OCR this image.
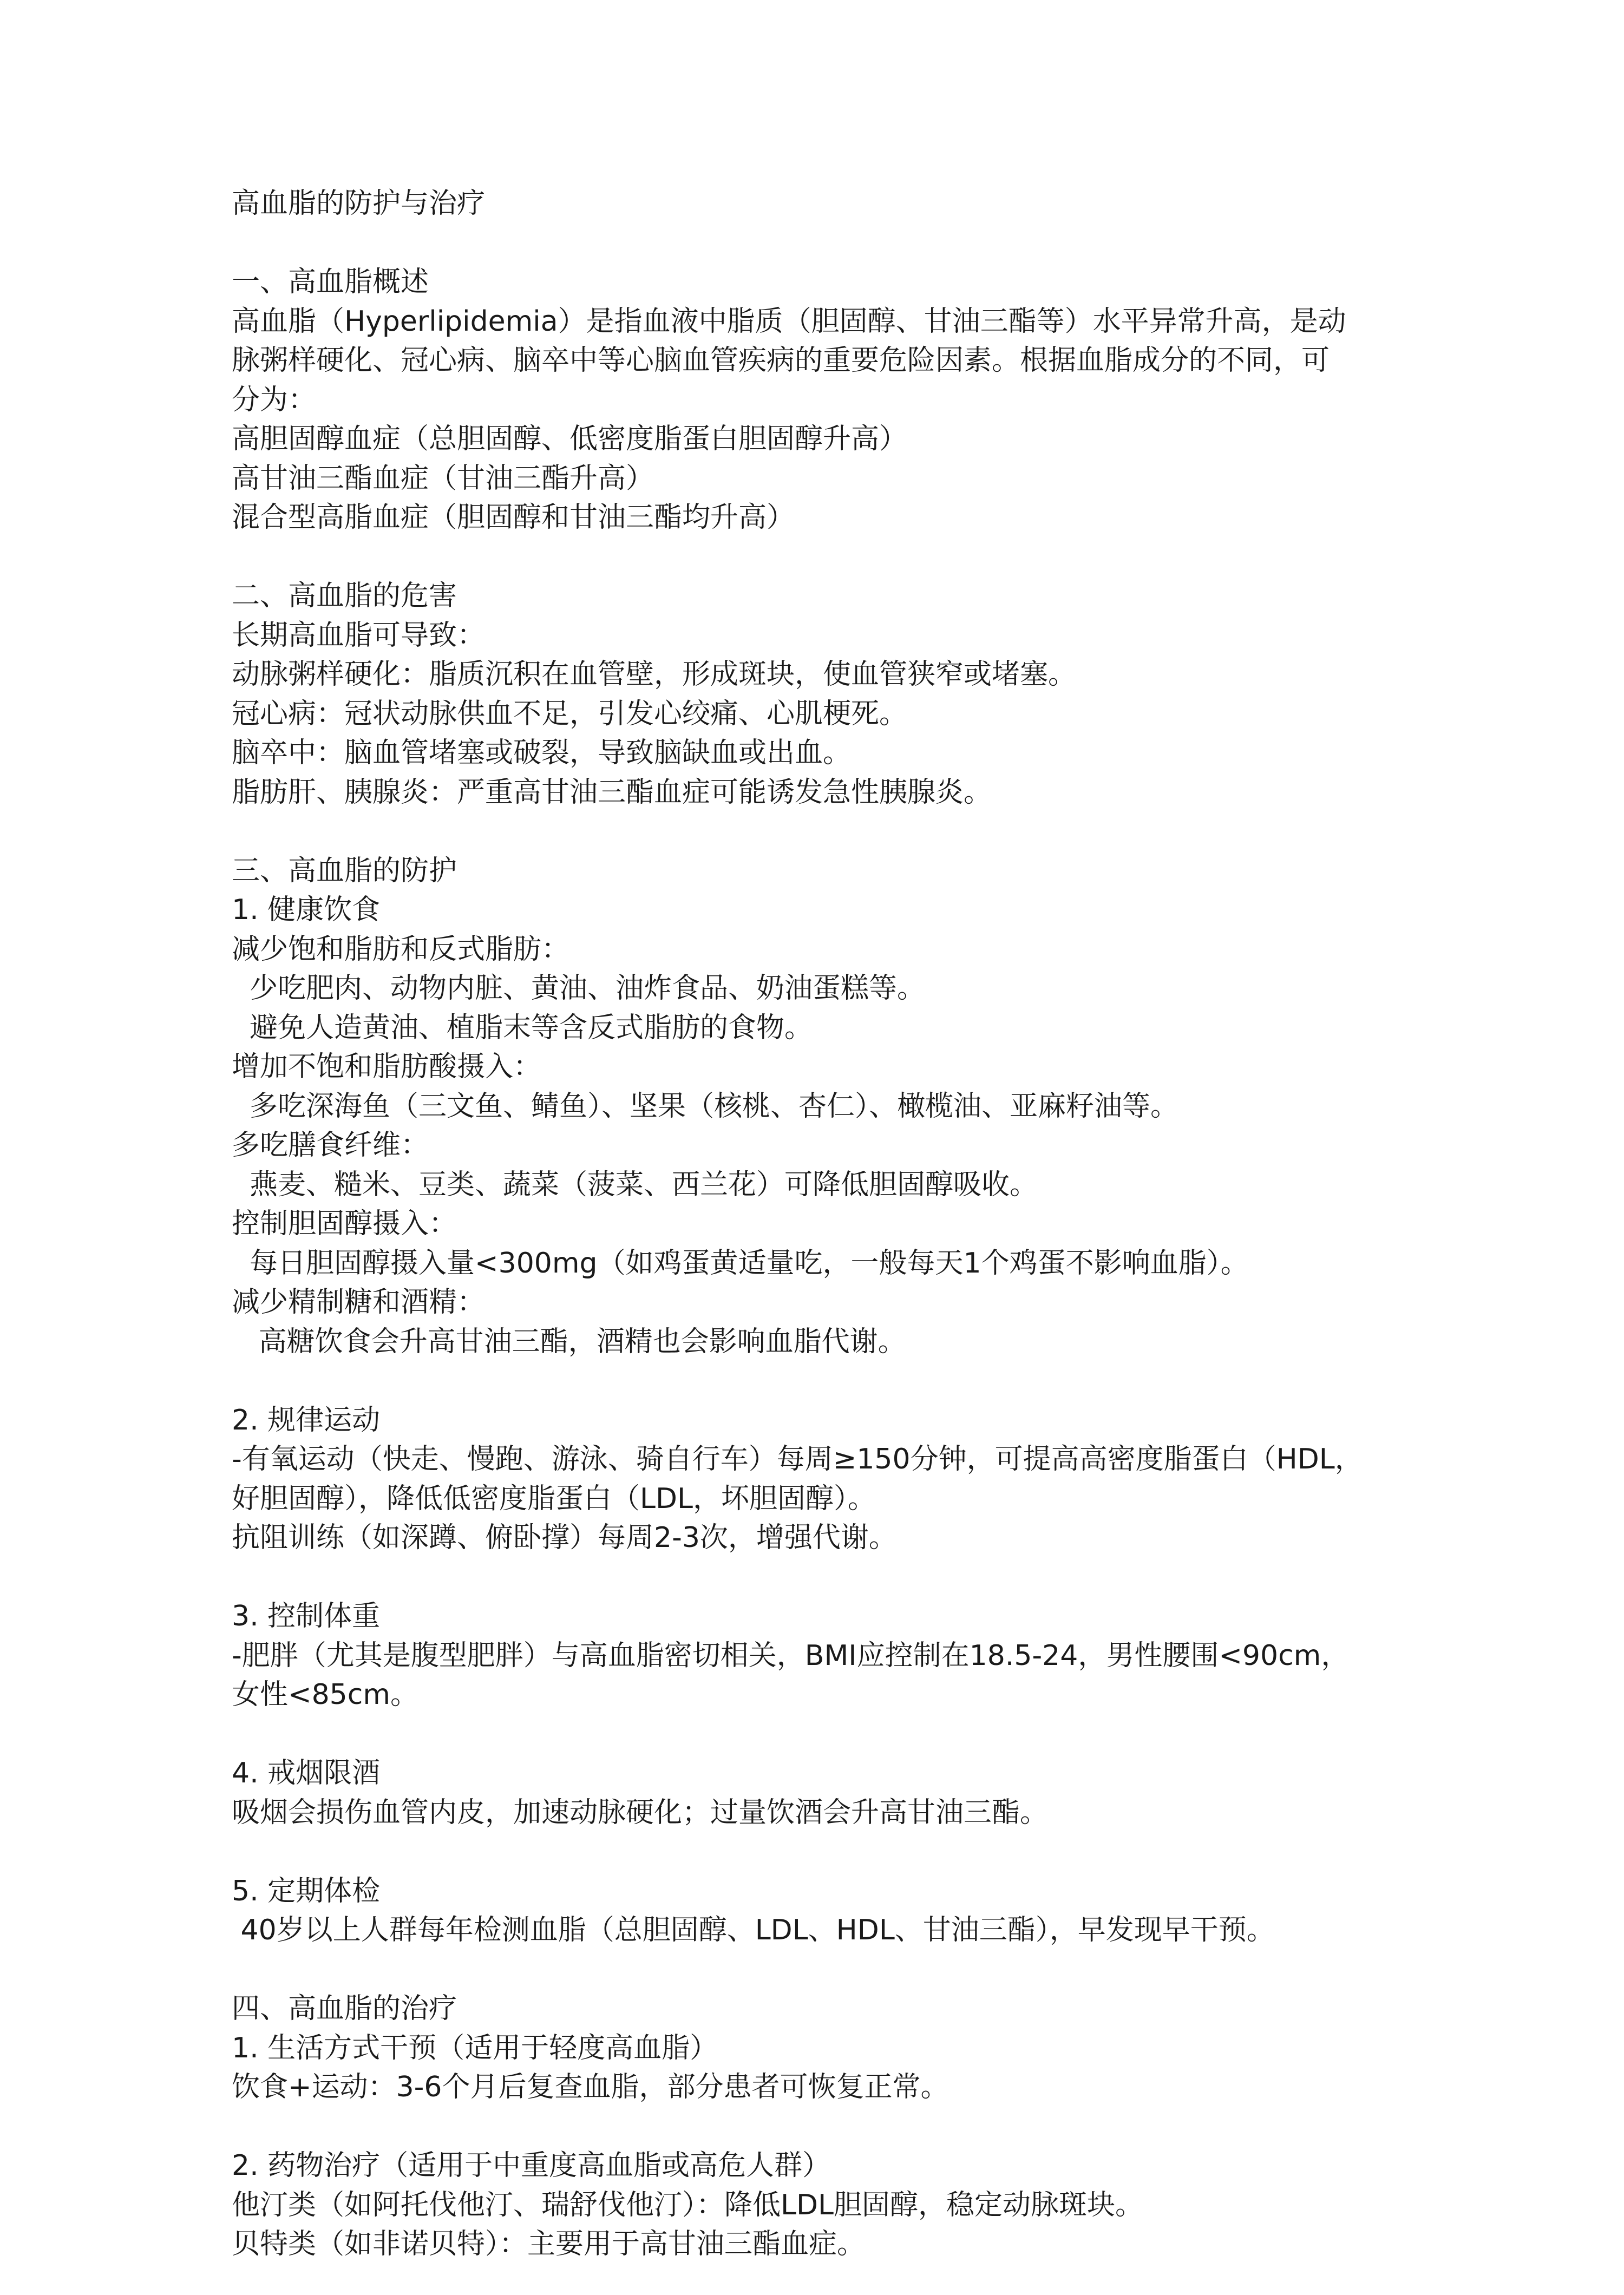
高血脂的防护与治疗
一、高血脂概述
高血脂（Hyperlipidemia）是指血液中脂质（胆固醇、甘油三酯等）水平异常升高，是动
脉粥样硬化、冠心病、脑卒中等心脑血管疾病的重要危险因素。根据血脂成分的不同，可
分为：
高胆固醇血症（总胆固醇、低密度脂蛋白胆固醇升高）
高甘油三酯血症（甘油三酯升高）
混合型高脂血症（胆固醇和甘油三酯均升高）
二、高血脂的危害
长期高血脂可导致：
动脉粥样硬化：脂质沉积在血管壁，形成斑块，使血管狭窄或堵塞。
冠心病：冠状动脉供血不足，引发心绞痛、心肌梗死。
脑卒中：脑血管堵塞或破裂，导致脑缺血或出血。
脂肪肝、胰腺炎：严重高甘油三酯血症可能诱发急性胰腺炎。
三、高血脂的防护
1. 健康饮食
减少饱和脂肪和反式脂肪：
少吃肥肉、动物内脏、黄油、油炸食品、奶油蛋糕等。
避免人造黄油、植脂末等含反式脂肪的食物。
增加不饱和脂肪酸摄入：
多吃深海鱼（三文鱼、鲭鱼）、坚果（核桃、杏仁）、橄榄油、亚麻籽油等。
多吃膳食纤维：
燕麦、糙米、豆类、蔬菜（菠菜、西兰花）可降低胆固醇吸收。
控制胆固醇摄入：
每日胆固醇摄入量<300mg（如鸡蛋黄适量吃，一般每天1个鸡蛋不影响血脂）。
减少精制糖和酒精：
高糖饮食会升高甘油三酯，酒精也会影响血脂代谢。
2. 规律运动
-有氧运动（快走、慢跑、游泳、骑自行车）每周≥150分钟，可提高高密度脂蛋白（HDL，
好胆固醇），降低低密度脂蛋白（LDL，坏胆固醇）。
抗阻训练（如深蹲、俯卧撑）每周2-3次，增强代谢。
3. 控制体重
-肥胖（尤其是腹型肥胖）与高血脂密切相关，BMI应控制在18.5-24，男性腰围<90cm，
女性<85cm。
4. 戒烟限酒
吸烟会损伤血管内皮，加速动脉硬化；过量饮酒会升高甘油三酯。
5. 定期体检
40岁以上人群每年检测血脂（总胆固醇、LDL、HDL、甘油三酯），早发现早干预。
四、高血脂的治疗
1. 生活方式干预（适用于轻度高血脂）
饮食+运动：3-6个月后复查血脂，部分患者可恢复正常。
2. 药物治疗（适用于中重度高血脂或高危人群）
他汀类（如阿托伐他汀、瑞舒伐他汀）：降低LDL胆固醇，稳定动脉斑块。
贝特类（如非诺贝特）：主要用于高甘油三酯血症。
